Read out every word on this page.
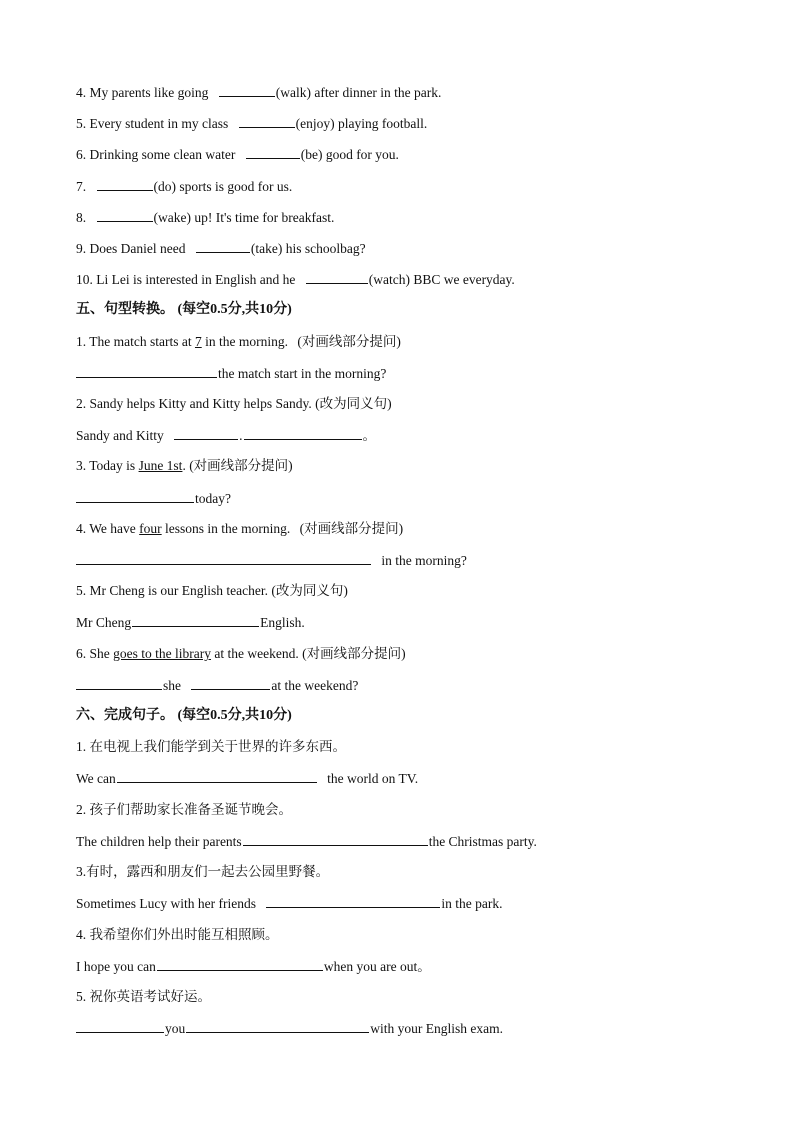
4. My parents like going	(walk) after dinner in the park.
5. Every student in my class	(enjoy) playing football.
6. Drinking some clean water	(be) good for you.
7.	(do) sports is good for us.
8.	(wake) up! It's time for breakfast.
9. Does Daniel need	(take) his schoolbag?
10. Li Lei is interested in English and he	(watch) BBC we everyday.
五、句型转换。 (每空0.5分,共10分)
1. The match starts at 7 in the morning. (对画线部分提问)
the match start in the morning?
2. Sandy helps Kitty and Kitty helps Sandy. (改为同义句)
Sandy and Kitty	.	。
3. Today is June 1st. (对画线部分提问)
today?
4. We have four lessons in the morning. (对画线部分提问)
in the morning?
5. Mr Cheng is our English teacher. (改为同义句)
Mr Cheng	English.
6. She goes to the library at the weekend. (对画线部分提问)
she	at the weekend?
六、完成句子。 (每空0.5分,共10分)
1. 在电视上我们能学到关于世界的许多东西。
We can	the world on TV.
2. 孩子们帮助家长准备圣诞节晚会。
The children help their parents	the Christmas party.
3.有时，露西和朋友们一起去公园里野餐。
Sometimes Lucy with her friends	in the park.
4. 我希望你们外出时能互相照顾。
I hope you can	when you are out。
5. 祝你英语考试好运。
you	with your English exam.
